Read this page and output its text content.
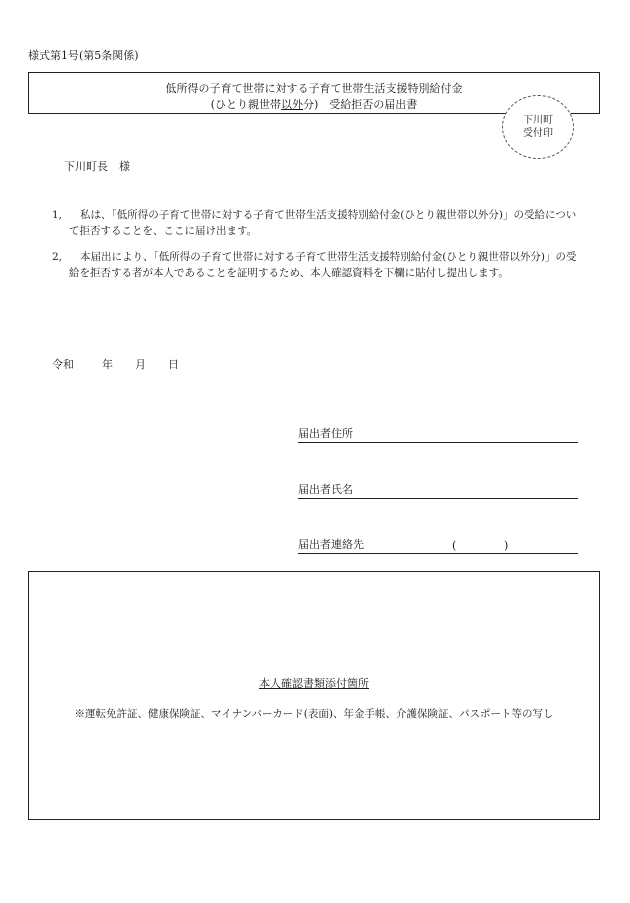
様式第1号(第5条関係)
低所得の子育て世帯に対する子育て世帯生活支援特別給付金
(ひとり親世帯以外分)　受給拒否の届出書
下川町
受付印
下川町長　様
1,	私は、「低所得の子育て世帯に対する子育て世帯生活支援特別給付金(ひとり親世帯以外分)」の受給について拒否することを、ここに届け出ます。
2,	本届出により、「低所得の子育て世帯に対する子育て世帯生活支援特別給付金(ひとり親世帯以外分)」の受給を拒否する者が本人であることを証明するため、本人確認資料を下欄に貼付し提出します。
令和	年 月 日
届出者住所
届出者氏名
届出者連絡先	(	)
本人確認書類添付箇所
※運転免許証、健康保険証、マイナンバーカード(表面)、年金手帳、介護保険証、パスポート等の写し
